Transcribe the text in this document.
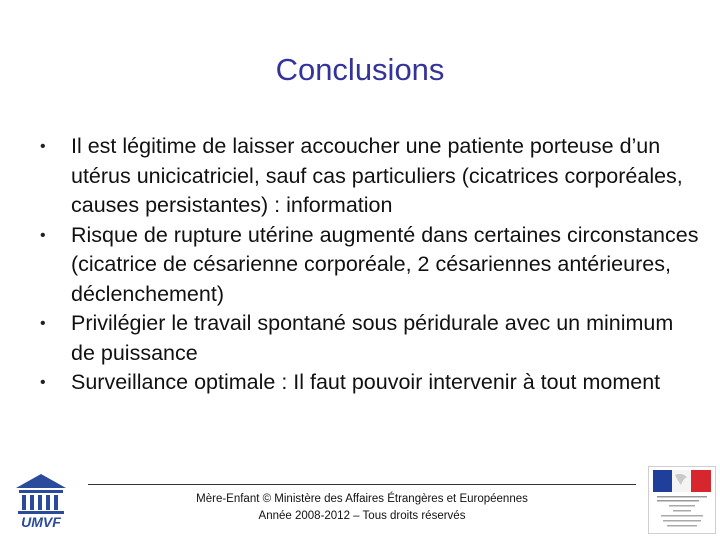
Conclusions
• Il est légitime de laisser accoucher une patiente porteuse d’un utérus unicicatriciel, sauf cas particuliers (cicatrices corporéales, causes persistantes) : information
• Risque de rupture utérine augmenté dans certaines circonstances (cicatrice de césarienne corporéale, 2 césariennes antérieures, déclenchement)
• Privilégier le travail spontané sous péridurale avec un minimum de puissance
• Surveillance optimale : Il faut pouvoir intervenir à tout moment
UMVF
Mère-Enfant © Ministère des Affaires Étrangères et Européennes
Année 2008-2012 – Tous droits réservés
